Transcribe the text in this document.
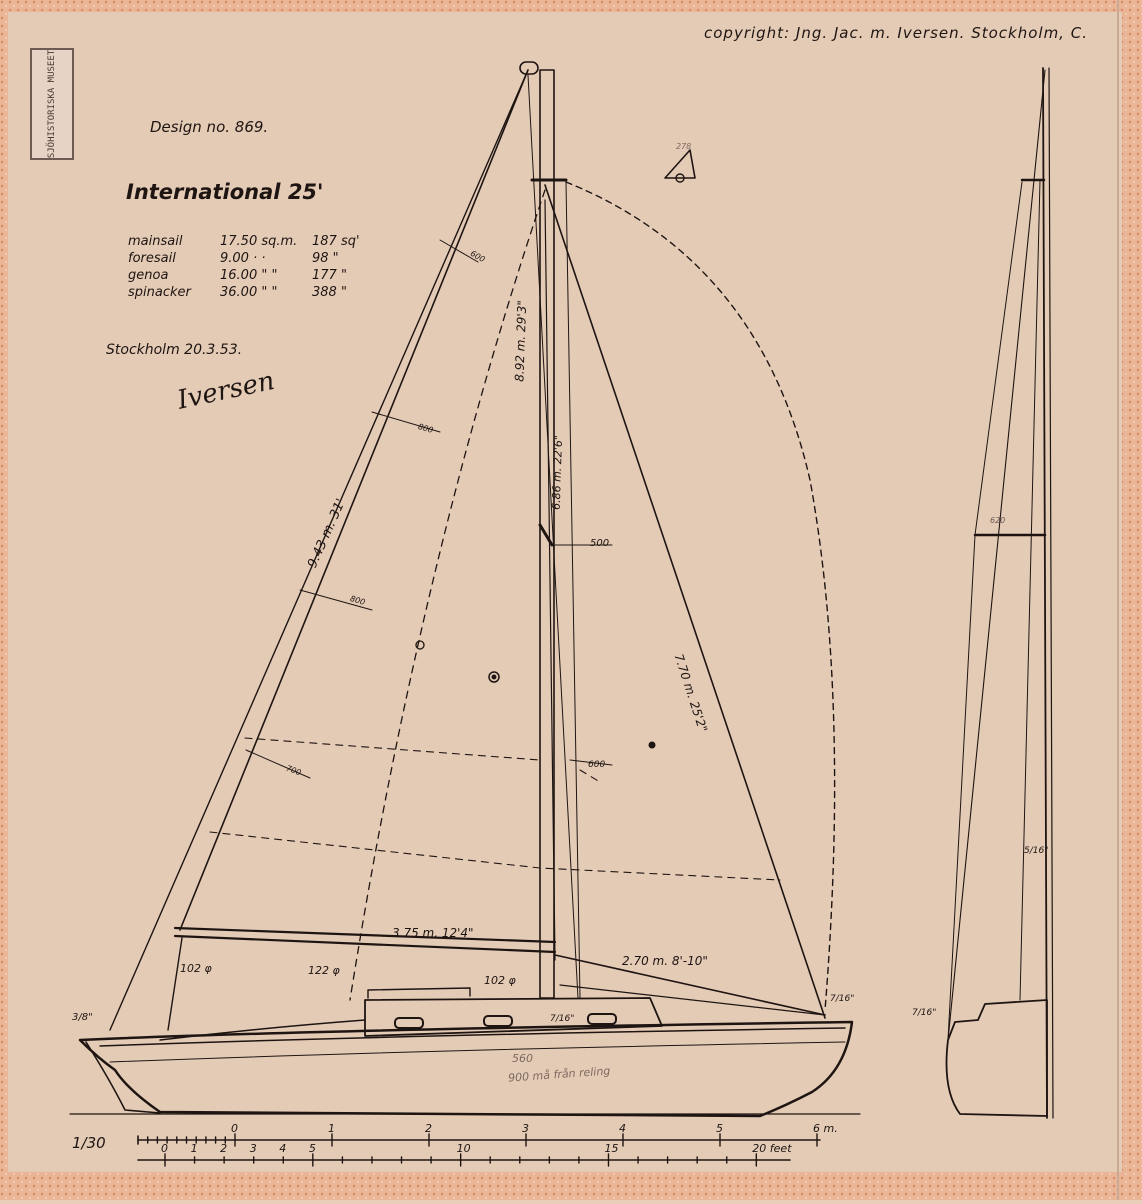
SJÖHISTORISKA MUSEET
copyright: Jng. Jac. m. Iversen. Stockholm, C.
Design no. 869.
International 25'
mainsail	17.50 sq.m. 187 sq'
foresail	9.00 · ·	98 "
genoa	16.00 " "	177 "
spinacker 36.00 " "	388 "
Stockholm 20.3.53.
Iversen
600
800
800
700	600
500
8.92 m. 29'3"
6.86 m. 22'6"
9.43 m. 31'
7.70 m. 25'2"
3.75 m. 12'4"
2.70 m. 8'-10"
102 φ	122 φ
102 φ
7/16"
7/16"
3/8"	7/16"
5/16"
620
560
900 må från reling
278
1/30
0	1	2	3	4	5	6 m.
0 1 2 3 4 5	10	15	20 feet
